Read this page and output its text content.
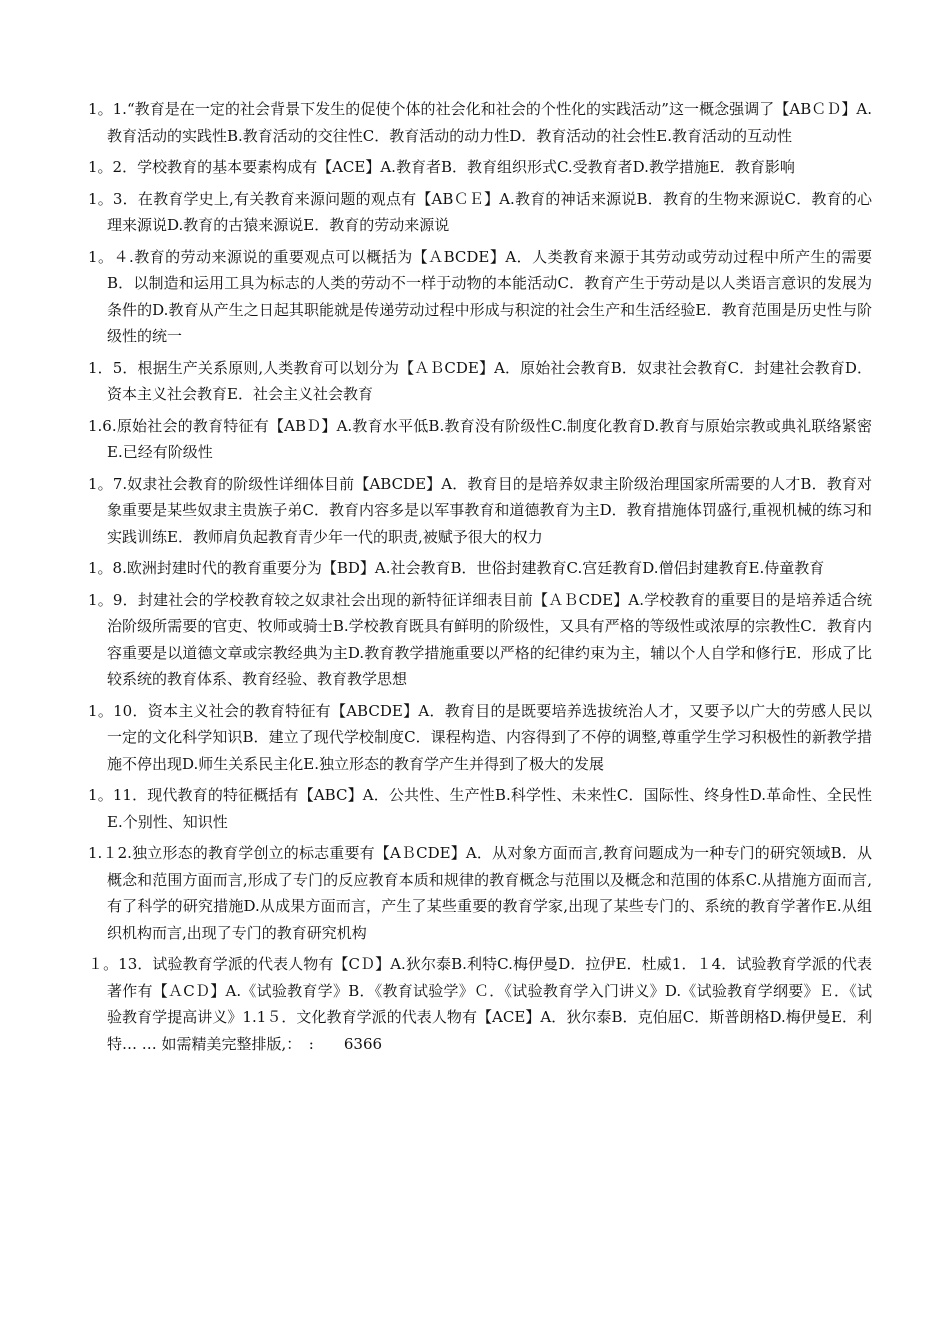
1。1.“教育是在一定的社会背景下发生的促使个体的社会化和社会的个性化的实践活动”这一概念强调了【ABＣＤ】A.教育活动的实践性B.教育活动的交往性C．教育活动的动力性D．教育活动的社会性E.教育活动的互动性

1。2．学校教育的基本要素构成有【ACE】A.教育者B．教育组织形式C.受教育者D.教学措施E．教育影响

1。3．在教育学史上,有关教育来源问题的观点有【ABＣＥ】A.教育的神话来源说B．教育的生物来源说C．教育的心理来源说D.教育的古猿来源说E．教育的劳动来源说

1。４.教育的劳动来源说的重要观点可以概括为【ＡBCDE】A．人类教育来源于其劳动或劳动过程中所产生的需要B．以制造和运用工具为标志的人类的劳动不一样于动物的本能活动C．教育产生于劳动是以人类语言意识的发展为条件的D.教育从产生之日起其职能就是传递劳动过程中形成与积淀的社会生产和生活经验E．教育范围是历史性与阶级性的统一

1．5．根据生产关系原则,人类教育可以划分为【ＡＢCDE】A．原始社会教育B．奴隶社会教育C．封建社会教育D．资本主义社会教育E．社会主义社会教育

1.6.原始社会的教育特征有【ABＤ】A.教育水平低B.教育没有阶级性C.制度化教育D.教育与原始宗教或典礼联络紧密E.已经有阶级性

1。7.奴隶社会教育的阶级性详细体目前【ABCDE】A．教育目的是培养奴隶主阶级治理国家所需要的人才B．教育对象重要是某些奴隶主贵族子弟C．教育内容多是以军事教育和道德教育为主D．教育措施体罚盛行,重视机械的练习和实践训练E．教师肩负起教育青少年一代的职责,被赋予很大的权力

1。8.欧洲封建时代的教育重要分为【BD】A.社会教育B．世俗封建教育C.宫廷教育D.僧侣封建教育E.侍童教育

1。9．封建社会的学校教育较之奴隶社会出现的新特征详细表目前【ＡＢCDE】A.学校教育的重要目的是培养适合统治阶级所需要的官吏、牧师或骑士B.学校教育既具有鲜明的阶级性，又具有严格的等级性或浓厚的宗教性C．教育内容重要是以道德文章或宗教经典为主D.教育教学措施重要以严格的纪律约束为主，辅以个人自学和修行E．形成了比较系统的教育体系、教育经验、教育教学思想

1。10．资本主义社会的教育特征有【ABCDE】A．教育目的是既要培养选拔统治人才，又要予以广大的劳感人民以一定的文化科学知识B．建立了现代学校制度C．课程构造、内容得到了不停的调整,尊重学生学习积极性的新教学措施不停出现D.师生关系民主化E.独立形态的教育学产生并得到了极大的发展

1。11．现代教育的特征概括有【ABC】A．公共性、生产性B.科学性、未来性C．国际性、终身性D.革命性、全民性E.个别性、知识性

1.１2.独立形态的教育学创立的标志重要有【AＢCDE】A．从对象方面而言,教育问题成为一种专门的研究领域B．从概念和范围方面而言,形成了专门的反应教育本质和规律的教育概念与范围以及概念和范围的体系C.从措施方面而言,有了科学的研究措施D.从成果方面而言，产生了某些重要的教育学家,出现了某些专门的、系统的教育学著作E.从组织机构而言,出现了专门的教育研究机构

１。13．试验教育学派的代表人物有【CＤ】A.狄尔泰B.利特C.梅伊曼D．拉伊E．杜威1．１4．试验教育学派的代表著作有【ＡCＤ】A.《试验教育学》B．《教育试验学》Ｃ．《试验教育学入门讲义》D.《试验教育学纲要》Ｅ．《试验教育学提高讲义》1.1５．文化教育学派的代表人物有【ACE】A．狄尔泰B．克伯屈C．斯普朗格D.梅伊曼E．利特… … 如需精美完整排版,：　:　　6366
